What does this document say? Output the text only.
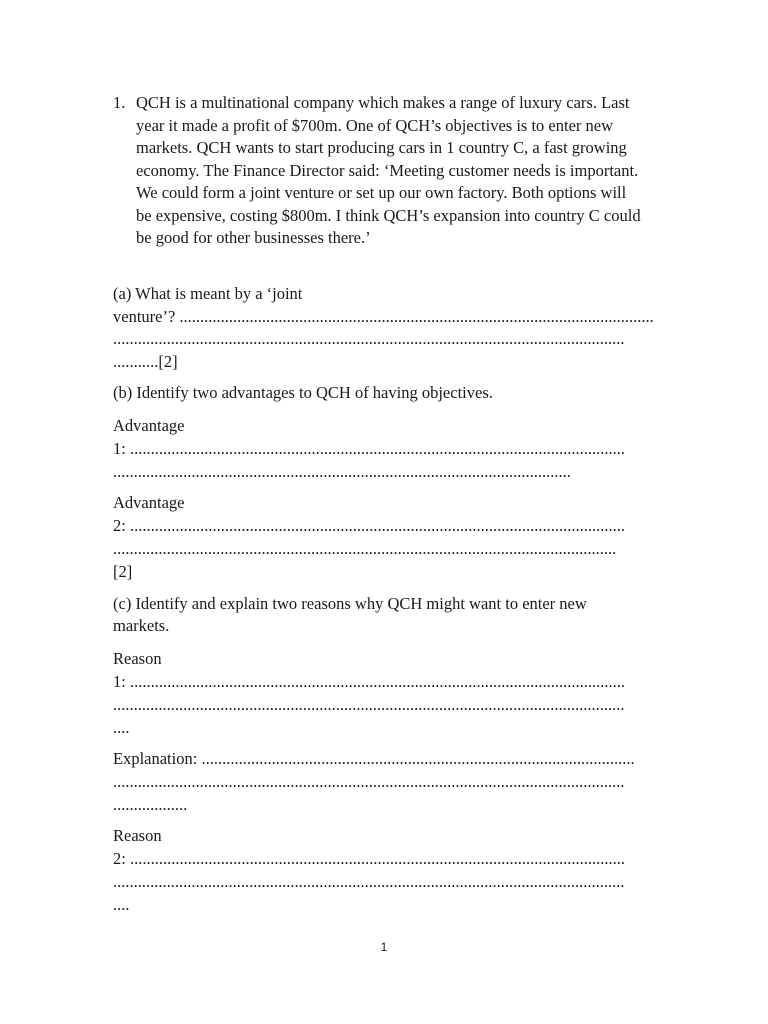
1. QCH is a multinational company which makes a range of luxury cars. Last
year it made a profit of $700m. One of QCH’s objectives is to enter new
markets. QCH wants to start producing cars in 1 country C, a fast growing
economy. The Finance Director said: ‘Meeting customer needs is important.
We could form a joint venture or set up our own factory. Both options will
be expensive, costing $800m. I think QCH’s expansion into country C could
be good for other businesses there.’
(a) What is meant by a ‘joint
venture’? ...................................................................................................................
............................................................................................................................
...........[2]
(b) Identify two advantages to QCH of having objectives.
Advantage
1: ........................................................................................................................
...............................................................................................................
Advantage
2: ........................................................................................................................
..........................................................................................................................
[2]
(c) Identify and explain two reasons why QCH might want to enter new
markets.
Reason
1: ........................................................................................................................
............................................................................................................................
....
Explanation: .........................................................................................................
............................................................................................................................
..................
Reason
2: ........................................................................................................................
............................................................................................................................
....
1
